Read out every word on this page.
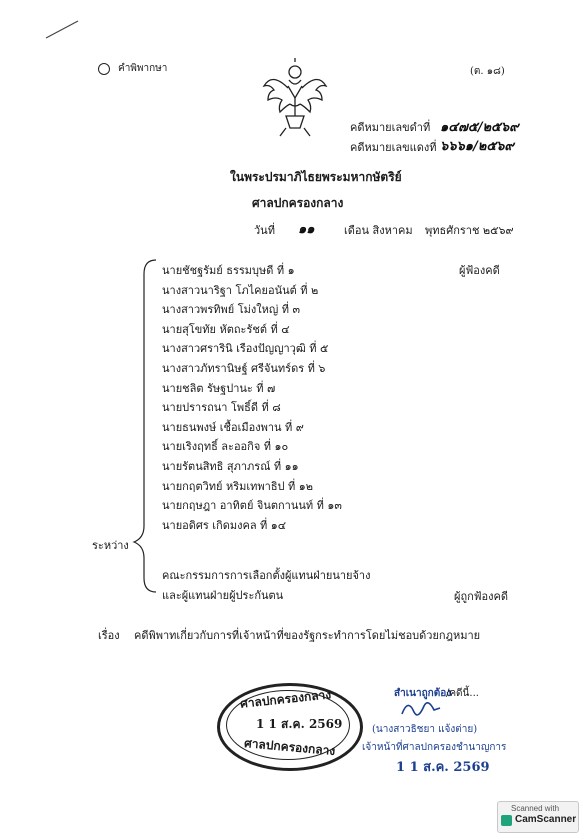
คำพิพากษา	(ต. ๑๘)
คดีหมายเลขดำที่ ๑๔๗๕/๒๕๖๙
คดีหมายเลขแดงที่ ๖๖๖๑/๒๕๖๙
ในพระปรมาภิไธยพระมหากษัตริย์
ศาลปกครองกลาง
วันที่ ๑๑	เดือน สิงหาคม พุทธศักราช ๒๕๖๙
นายชัชฐรัมย์ ธรรมบุษดี ที่ ๑
นางสาวนาริฐา โภไคยอนันต์ ที่ ๒
นางสาวพรทิพย์ โม่งใหญ่ ที่ ๓
นายสุโขทัย หัตถะรัชต์ ที่ ๔
นางสาวศรารินิ เรืองปัญญาวุฒิ ที่ ๕
นางสาวภัทรานิษฐ์ ศรีจันทร์ดร ที่ ๖
นายชลิต รัษฐปานะ ที่ ๗
นายปรารถนา โพธิ์ดี ที่ ๘
นายธนพงษ์ เชื้อเมืองพาน ที่ ๙
นายเริงฤทธิ์ ละออกิจ ที่ ๑๐
นายรัตนสิทธิ สุภาภรณ์ ที่ ๑๑
นายกฤตวิทย์ หริมเทพาธิป ที่ ๑๒
นายกฤษฎา อาทิตย์ จินตกานนท์ ที่ ๑๓
นายอดิศร เกิดมงคล ที่ ๑๔
ผู้ฟ้องคดี
ระหว่าง
คณะกรรมการการเลือกตั้งผู้แทนฝ่ายนายจ้าง
และผู้แทนฝ่ายผู้ประกันตน	ผู้ถูกฟ้องคดี
เรื่อง คดีพิพาทเกี่ยวกับการที่เจ้าหน้าที่ของรัฐกระทำการโดยไม่ชอบด้วยกฎหมาย
ศาลปกครองกลาง
1 1 ส.ค. 2569
ศาลปกครองกลาง
สำเนาถูกต้อง
/คดีนี้...
(นางสาวธิชยา แจ้งต่าย)
เจ้าหน้าที่ศาลปกครองชำนาญการ
1 1 ส.ค. 2569
Scanned with
CamScanner
